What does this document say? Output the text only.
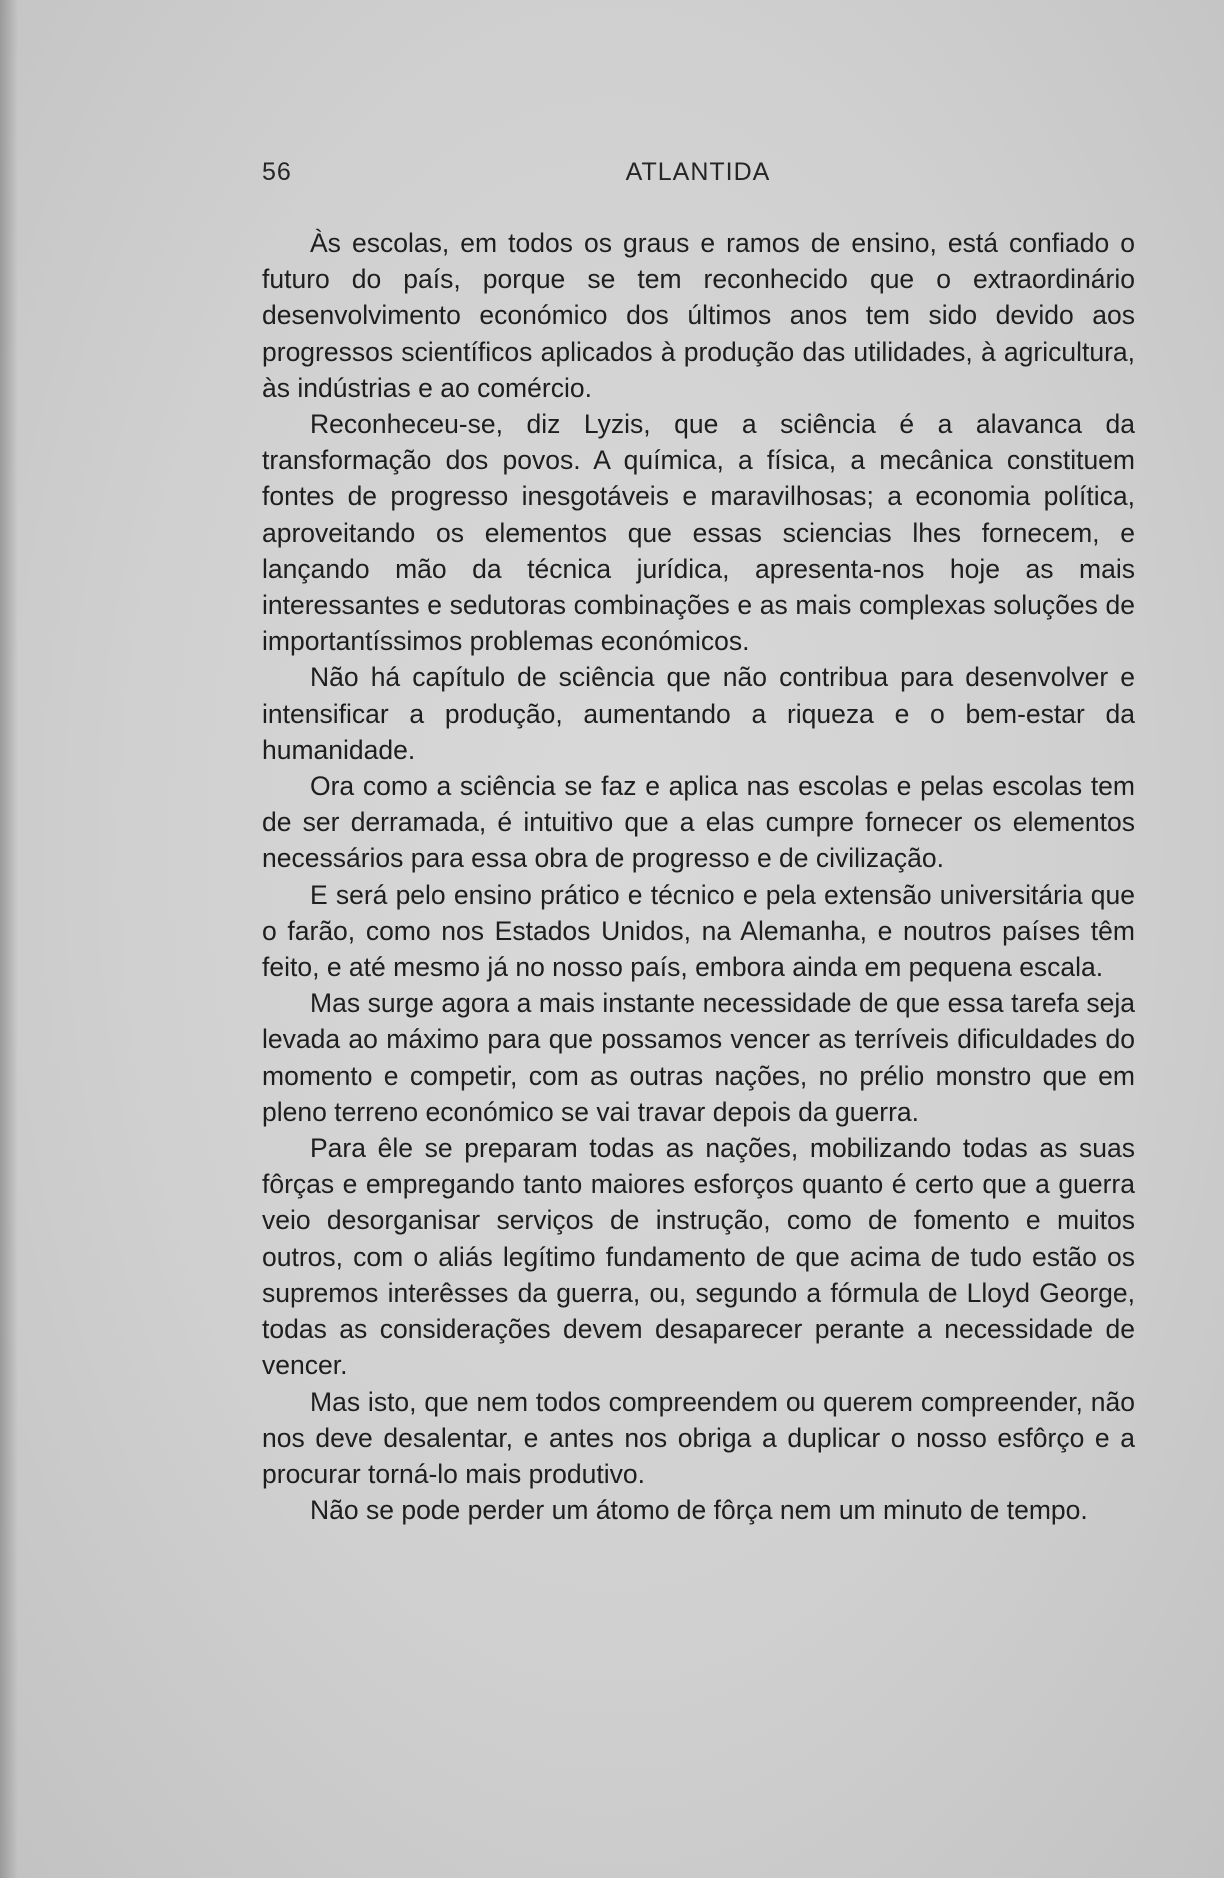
56	ATLANTIDA

Às escolas, em todos os graus e ramos de ensino, está confiado o futuro do país, porque se tem reconhecido que o extraordinário desenvolvimento económico dos últimos anos tem sido devido aos progressos scientíficos aplicados à produção das utilidades, à agricultura, às indústrias e ao comércio.

Reconheceu-se, diz Lyzis, que a sciência é a alavanca da transformação dos povos. A química, a física, a mecânica constituem fontes de progresso inesgotáveis e maravilhosas; a economia política, aproveitando os elementos que essas sciencias lhes fornecem, e lançando mão da técnica jurídica, apresenta-nos hoje as mais interessantes e sedutoras combinações e as mais complexas soluções de importantíssimos problemas económicos.

Não há capítulo de sciência que não contribua para desenvolver e intensificar a produção, aumentando a riqueza e o bem-estar da humanidade.

Ora como a sciência se faz e aplica nas escolas e pelas escolas tem de ser derramada, é intuitivo que a elas cumpre fornecer os elementos necessários para essa obra de progresso e de civilização.

E será pelo ensino prático e técnico e pela extensão universitária que o farão, como nos Estados Unidos, na Alemanha, e noutros países têm feito, e até mesmo já no nosso país, embora ainda em pequena escala.

Mas surge agora a mais instante necessidade de que essa tarefa seja levada ao máximo para que possamos vencer as terríveis dificuldades do momento e competir, com as outras nações, no prélio monstro que em pleno terreno económico se vai travar depois da guerra.

Para êle se preparam todas as nações, mobilizando todas as suas fôrças e empregando tanto maiores esforços quanto é certo que a guerra veio desorganisar serviços de instrução, como de fomento e muitos outros, com o aliás legítimo fundamento de que acima de tudo estão os supremos interêsses da guerra, ou, segundo a fórmula de Lloyd George, todas as considerações devem desaparecer perante a necessidade de vencer.

Mas isto, que nem todos compreendem ou querem compreender, não nos deve desalentar, e antes nos obriga a duplicar o nosso esfôrço e a procurar torná-lo mais produtivo.

Não se pode perder um átomo de fôrça nem um minuto de tempo.
